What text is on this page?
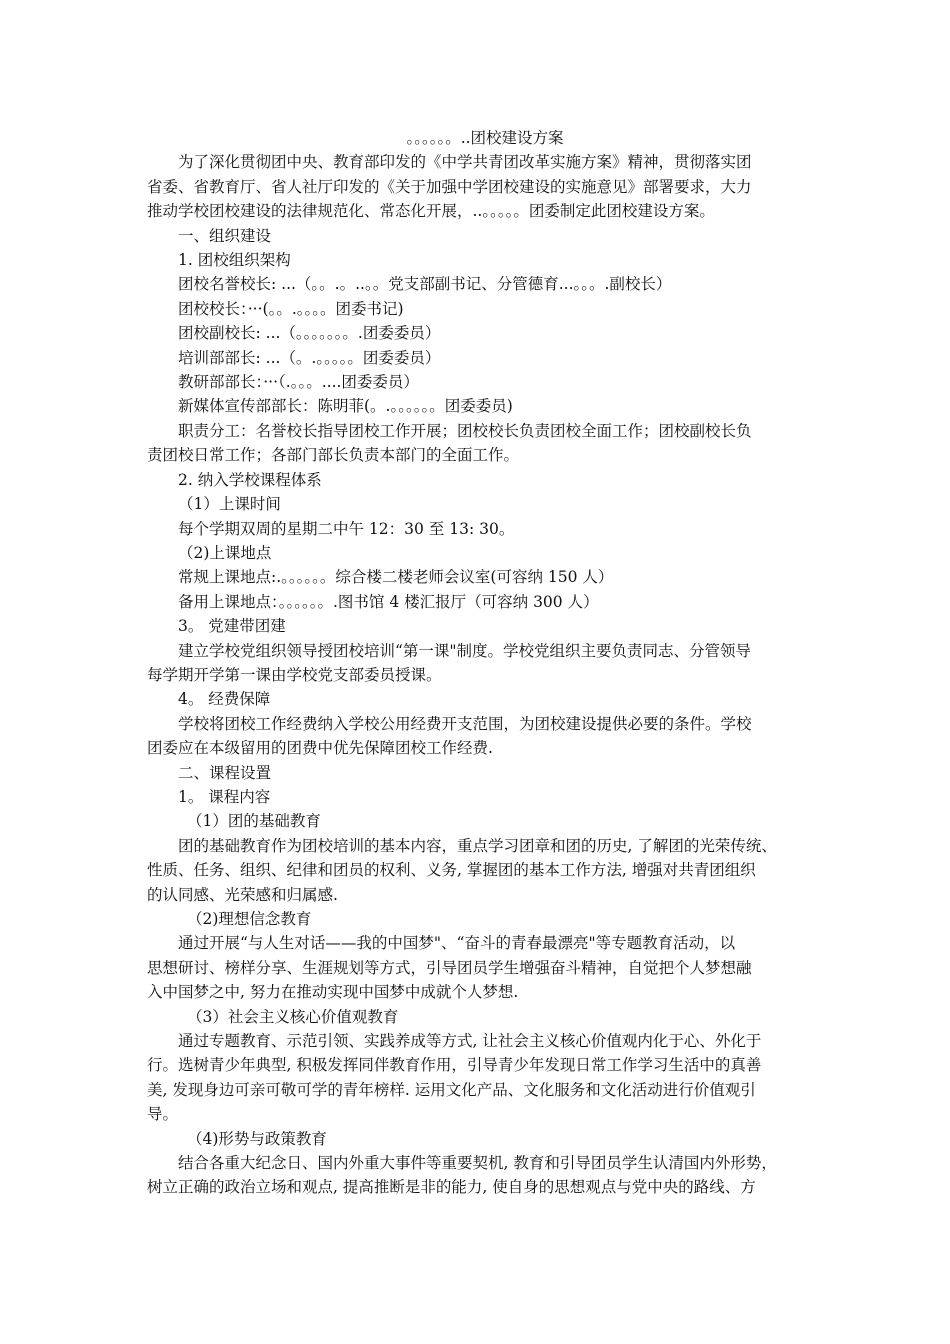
。。。。。。..团校建设方案

为了深化贯彻团中央、教育部印发的《中学共青团改革实施方案》精神，贯彻落实团

省委、省教育厅、省人社厅印发的《关于加强中学团校建设的实施意见》部署要求，大力

推动学校团校建设的法律规范化、常态化开展，..。。。。。团委制定此团校建设方案。

一、组织建设

1. 团校组织架构

团校名誉校长: ...（。。.。..。。党支部副书记、分管德育...。。。.副校长）

团校校长：···(。。.。。。。团委书记)

团校副校长: ...（。。。。。。。.团委委员）

培训部部长: ...（。.。。。。。团委委员）

教研部部长：···（.。。。....团委委员）

新媒体宣传部部长：陈明菲(。.。。。。。。团委委员)

职责分工：名誉校长指导团校工作开展；团校校长负责团校全面工作；团校副校长负

责团校日常工作；各部门部长负责本部门的全面工作。

2. 纳入学校课程体系

（1）上课时间

每个学期双周的星期二中午 12：30 至 13: 30。

（2)上课地点

常规上课地点:.。。。。。。综合楼二楼老师会议室(可容纳 150 人）

备用上课地点：。。。。。。.图书馆 4 楼汇报厅（可容纳 300 人）

3。 党建带团建

建立学校党组织领导授团校培训“第一课"制度。学校党组织主要负责同志、分管领导

每学期开学第一课由学校党支部委员授课。

4。 经费保障

学校将团校工作经费纳入学校公用经费开支范围，为团校建设提供必要的条件。学校

团委应在本级留用的团费中优先保障团校工作经费.

二、课程设置

1。 课程内容

（1）团的基础教育

团的基础教育作为团校培训的基本内容，重点学习团章和团的历史, 了解团的光荣传统、

性质、任务、组织、纪律和团员的权利、义务, 掌握团的基本工作方法, 增强对共青团组织

的认同感、光荣感和归属感.

（2)理想信念教育

通过开展“与人生对话——我的中国梦"、“奋斗的青春最漂亮"等专题教育活动，以

思想研讨、榜样分享、生涯规划等方式，引导团员学生增强奋斗精神，自觉把个人梦想融

入中国梦之中, 努力在推动实现中国梦中成就个人梦想.

（3）社会主义核心价值观教育

通过专题教育、示范引领、实践养成等方式, 让社会主义核心价值观内化于心、外化于

行。选树青少年典型, 积极发挥同伴教育作用，引导青少年发现日常工作学习生活中的真善

美, 发现身边可亲可敬可学的青年榜样. 运用文化产品、文化服务和文化活动进行价值观引

导。

（4)形势与政策教育

结合各重大纪念日、国内外重大事件等重要契机, 教育和引导团员学生认清国内外形势，

树立正确的政治立场和观点, 提高推断是非的能力, 使自身的思想观点与党中央的路线、方
